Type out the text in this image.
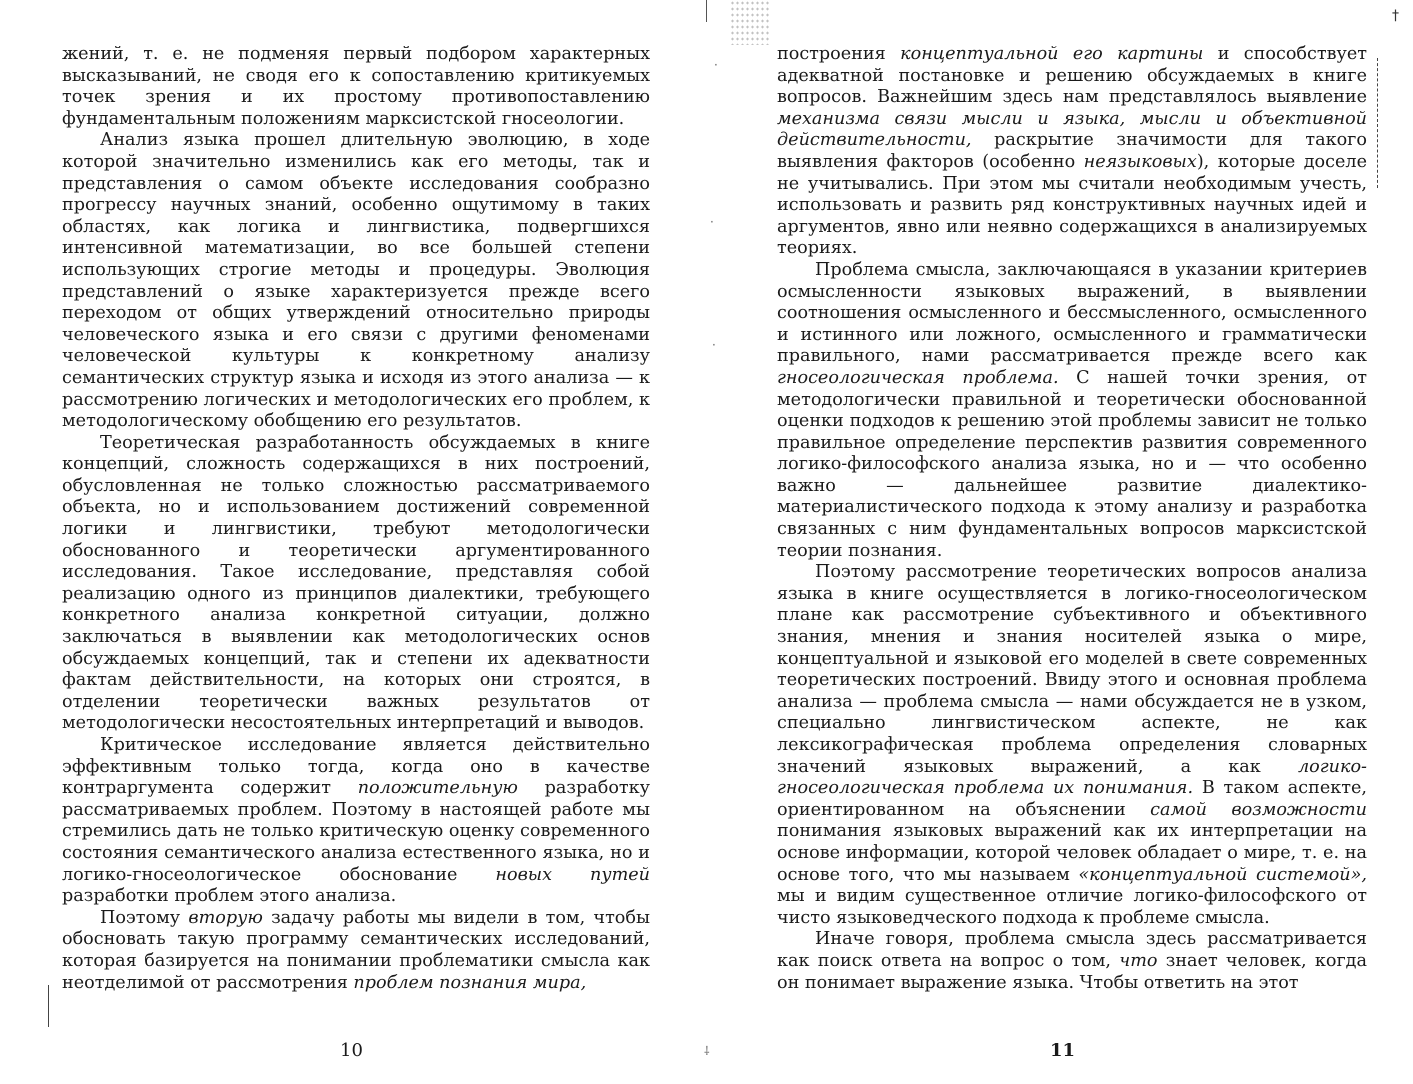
†
·
·
·
⸸

жений, т. е. не подменяя первый подбором характерных высказываний, не сводя его к сопоставлению критикуемых точек зрения и их простому противопоставлению фундаментальным положениям марксистской гносеологии.

Анализ языка прошел длительную эволюцию, в ходе которой значительно изменились как его методы, так и представления о самом объекте исследования сообразно прогрессу научных знаний, особенно ощутимому в таких областях, как логика и лингвистика, подвергшихся интенсивной математизации, во все большей степени использующих строгие методы и процедуры. Эволюция представлений о языке характеризуется прежде всего переходом от общих утверждений относительно природы человеческого языка и его связи с другими феноменами человеческой культуры к конкретному анализу семантических структур языка и исходя из этого анализа — к рассмотрению логических и методологических его проблем, к методологическому обобщению его результатов.

Теоретическая разработанность обсуждаемых в книге концепций, сложность содержащихся в них построений, обусловленная не только сложностью рассматриваемого объекта, но и использованием достижений современной логики и лингвистики, требуют методологически обоснованного и теоретически аргументированного исследования. Такое исследование, представляя собой реализацию одного из принципов диалектики, требующего конкретного анализа конкретной ситуации, должно заключаться в выявлении как методологических основ обсуждаемых концепций, так и степени их адекватности фактам действительности, на которых они строятся, в отделении теоретически важных результатов от методологически несостоятельных интерпретаций и выводов.

Критическое исследование является действительно эффективным только тогда, когда оно в качестве контраргумента содержит положительную разработку рассматриваемых проблем. Поэтому в настоящей работе мы стремились дать не только критическую оценку современного состояния семантического анализа естественного языка, но и логико-гносеологическое обоснование новых путей разработки проблем этого анализа.

Поэтому вторую задачу работы мы видели в том, чтобы обосновать такую программу семантических исследований, которая базируется на понимании проблематики смысла как неотделимой от рассмотрения проблем познания мира,

10

построения концептуальной его картины и способствует адекватной постановке и решению обсуждаемых в книге вопросов. Важнейшим здесь нам представлялось выявление механизма связи мысли и языка, мысли и объективной действительности, раскрытие значимости для такого выявления факторов (особенно неязыковых), которые доселе не учитывались. При этом мы считали необходимым учесть, использовать и развить ряд конструктивных научных идей и аргументов, явно или неявно содержащихся в анализируемых теориях.

Проблема смысла, заключающаяся в указании критериев осмысленности языковых выражений, в выявлении соотношения осмысленного и бессмысленного, осмысленного и истинного или ложного, осмысленного и грамматически правильного, нами рассматривается прежде всего как гносеологическая проблема. С нашей точки зрения, от методологически правильной и теоретически обоснованной оценки подходов к решению этой проблемы зависит не только правильное определение перспектив развития современного логико-философского анализа языка, но и — что особенно важно — дальнейшее развитие диалектико-материалистического подхода к этому анализу и разработка связанных с ним фундаментальных вопросов марксистской теории познания.

Поэтому рассмотрение теоретических вопросов анализа языка в книге осуществляется в логико-гносеологическом плане как рассмотрение субъективного и объективного знания, мнения и знания носителей языка о мире, концептуальной и языковой его моделей в свете современных теоретических построений. Ввиду этого и основная проблема анализа — проблема смысла — нами обсуждается не в узком, специально лингвистическом аспекте, не как лексикографическая проблема определения словарных значений языковых выражений, а как логико-гносеологическая проблема их понимания. В таком аспекте, ориентированном на объяснении самой возможности понимания языковых выражений как их интерпретации на основе информации, которой человек обладает о мире, т. е. на основе того, что мы называем «концептуальной системой», мы и видим существенное отличие логико-философского от чисто языковедческого подхода к проблеме смысла.

Иначе говоря, проблема смысла здесь рассматривается как поиск ответа на вопрос о том, что знает человек, когда он понимает выражение языка. Чтобы ответить на этот

11
